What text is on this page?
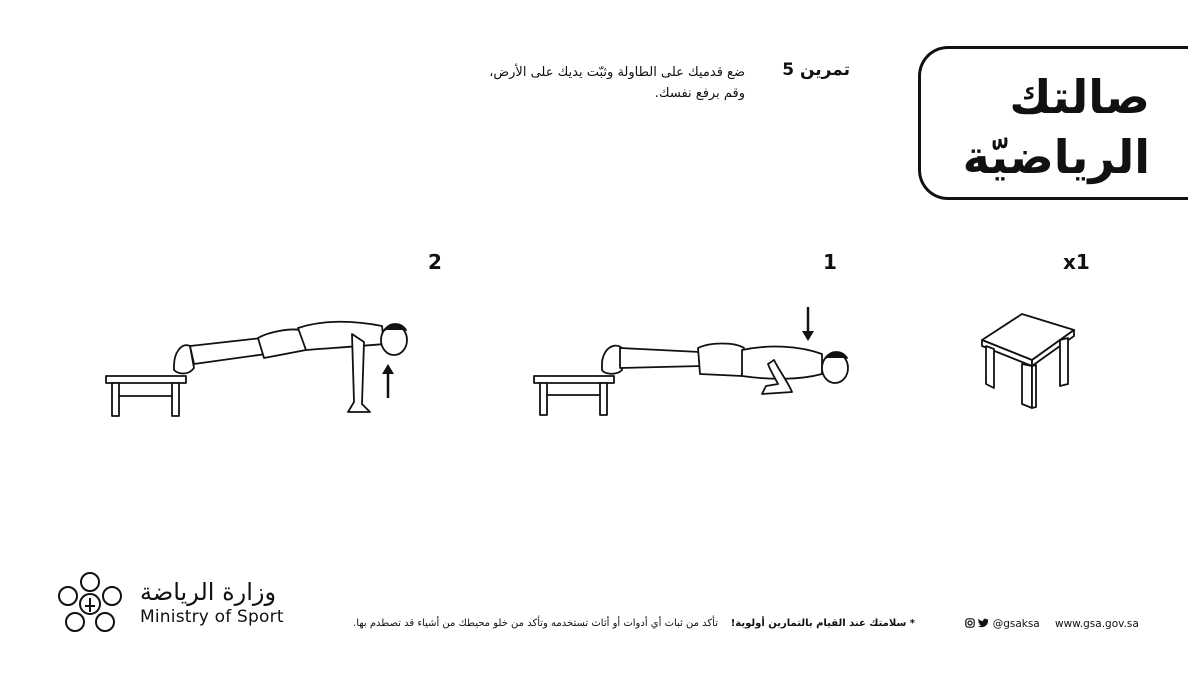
صالتك
الرياضيّة
تمرين 5
ضع قدميك على الطاولة وثبّت يديك على الأرض،
وقم برفع نفسك.
x1
1
2
وزارة الرياضة
Ministry of Sport	* سلامتك عند القيام بالتمارين أولوية!    تأكد من ثبات أي أدوات أو أثاث تستخدمه وتأكد من خلو محيطك من أشياء قد تصطدم بها.	@gsaksa www.gsa.gov.sa
